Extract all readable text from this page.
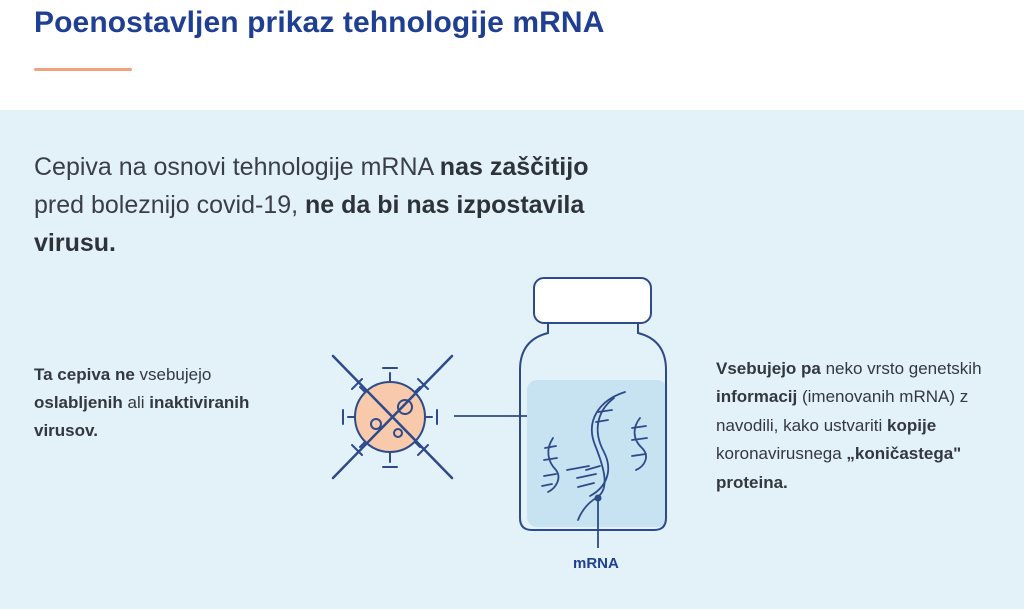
Poenostavljen prikaz tehnologije mRNA
Cepiva na osnovi tehnologije mRNA nas zaščitijo pred boleznijo covid-19, ne da bi nas izpostavila virusu.
Ta cepiva ne vsebujejo oslabljenih ali inaktiviranih virusov.
Vsebujejo pa neko vrsto genetskih informacij (imenovanih mRNA) z navodili, kako ustvariti kopije koronavirusnega „koničastega" proteina.
mRNA
